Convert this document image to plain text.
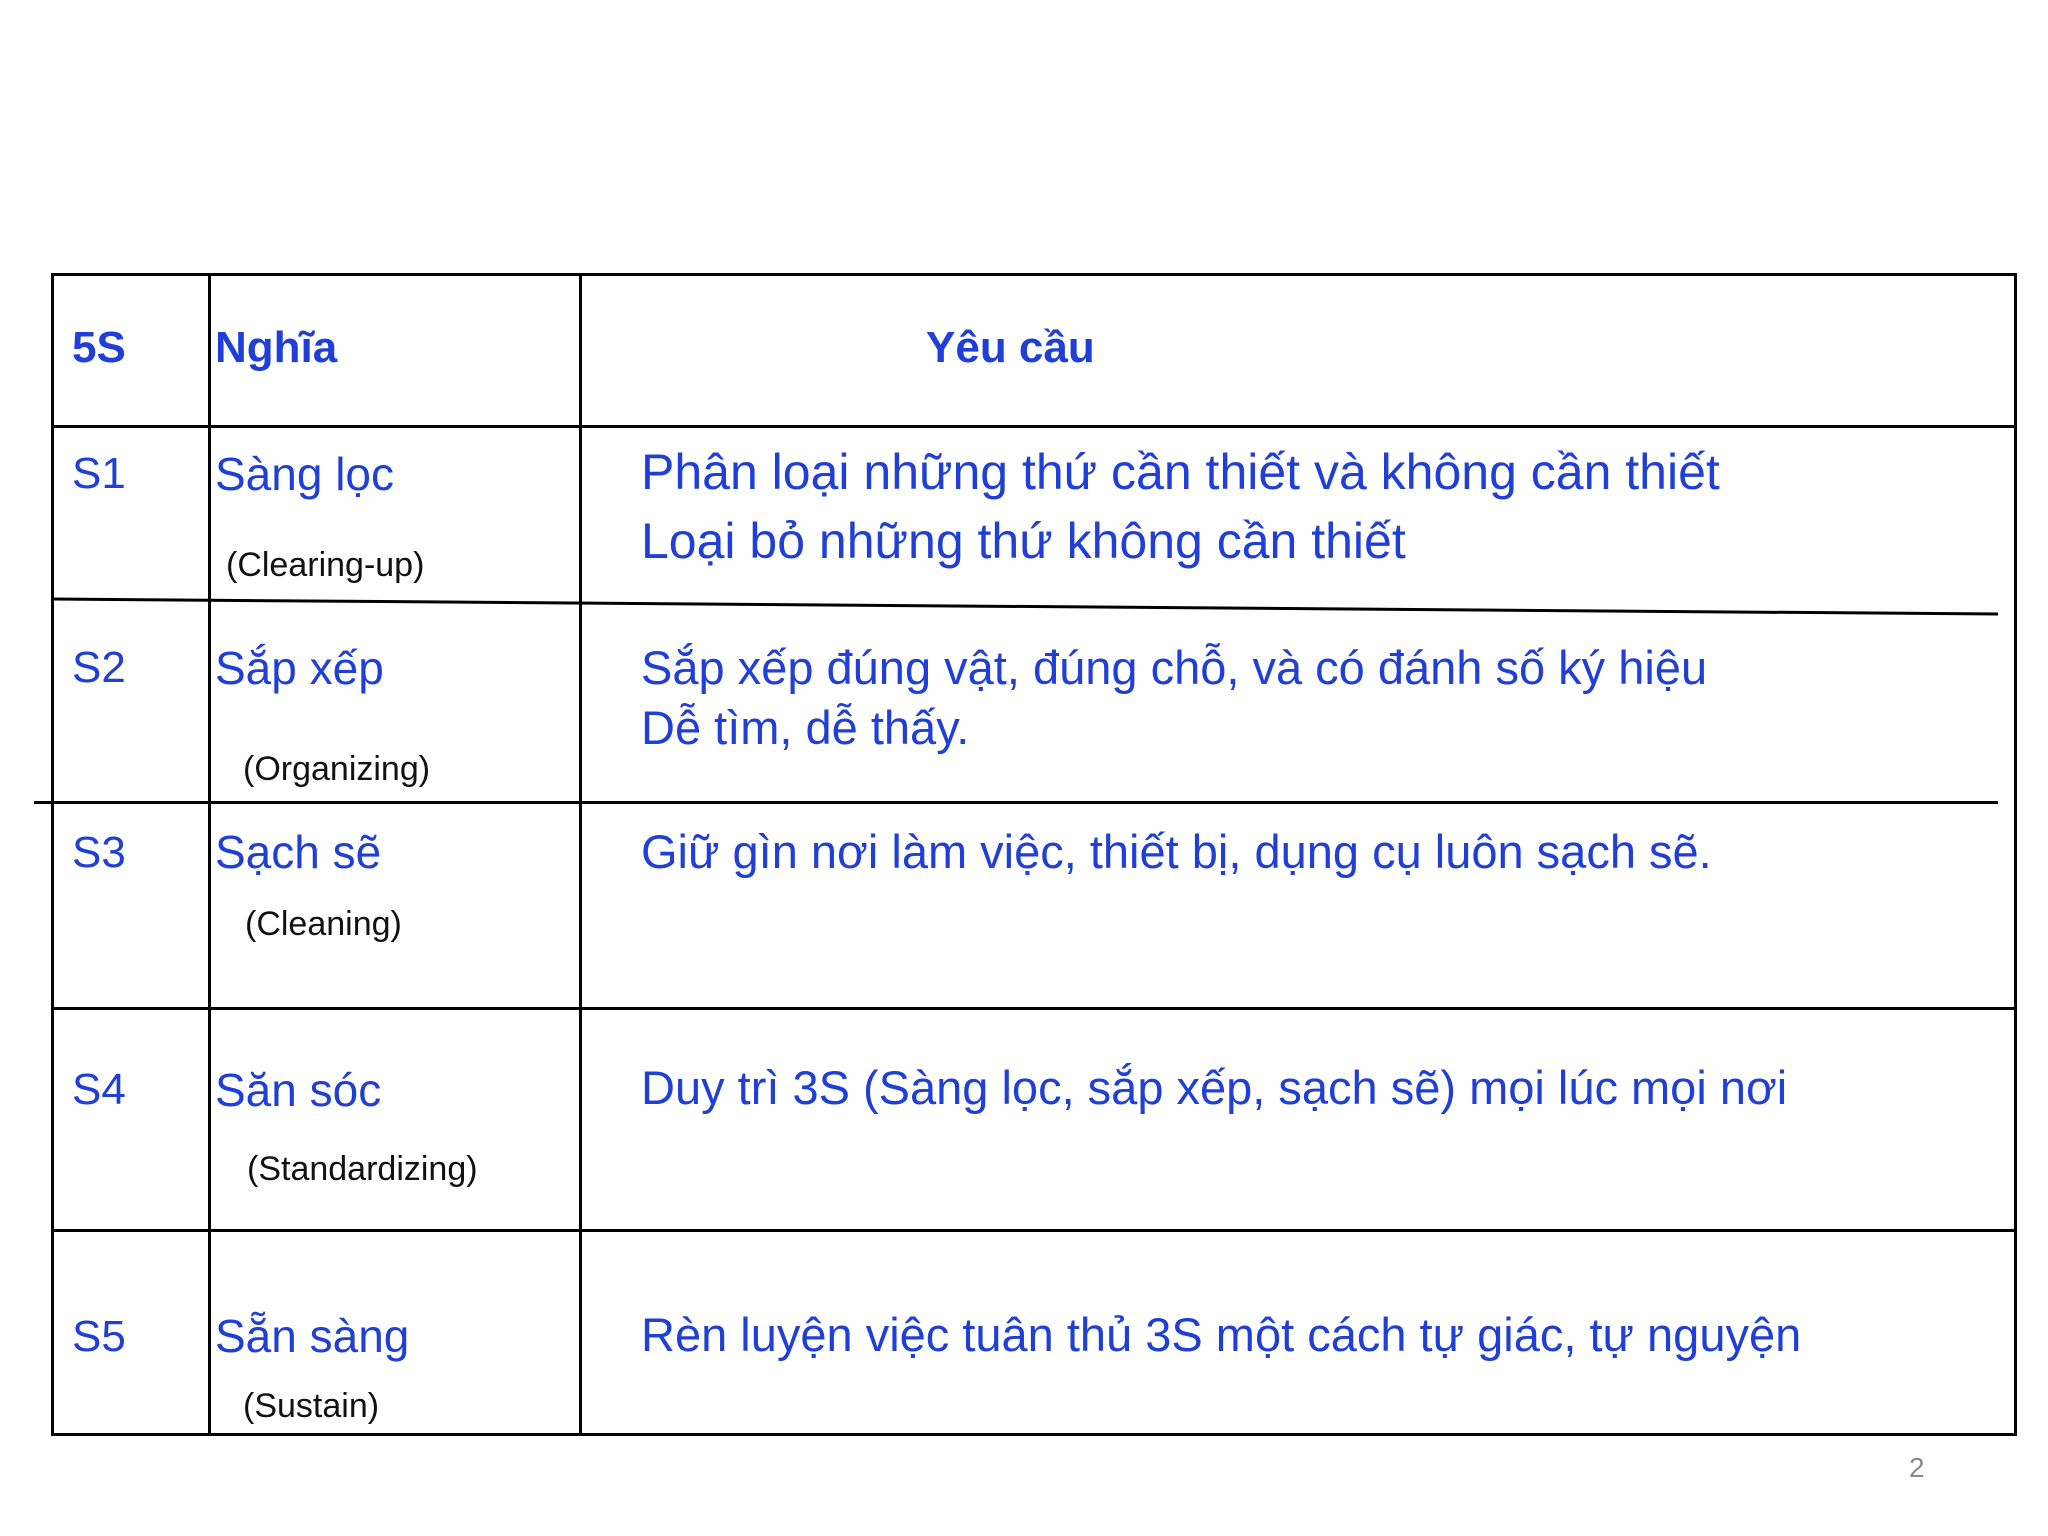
5S Nghĩa	Yêu cầu
S1 Sàng lọc
(Clearing-up)
Phân loại những thứ cần thiết và không cần thiết
Loại bỏ những thứ không cần thiết
S2 Sắp xếp
(Organizing)
Sắp xếp đúng vật, đúng chỗ, và có đánh số ký hiệu
Dễ tìm, dễ thấy.
S3 Sạch sẽ
(Cleaning)
Giữ gìn nơi làm việc, thiết bị, dụng cụ luôn sạch sẽ.
S4 Săn sóc
(Standardizing)
Duy trì 3S (Sàng lọc, sắp xếp, sạch sẽ) mọi lúc mọi nơi
S5 Sẵn sàng
(Sustain)
Rèn luyện việc tuân thủ 3S một cách tự giác, tự nguyện
2
